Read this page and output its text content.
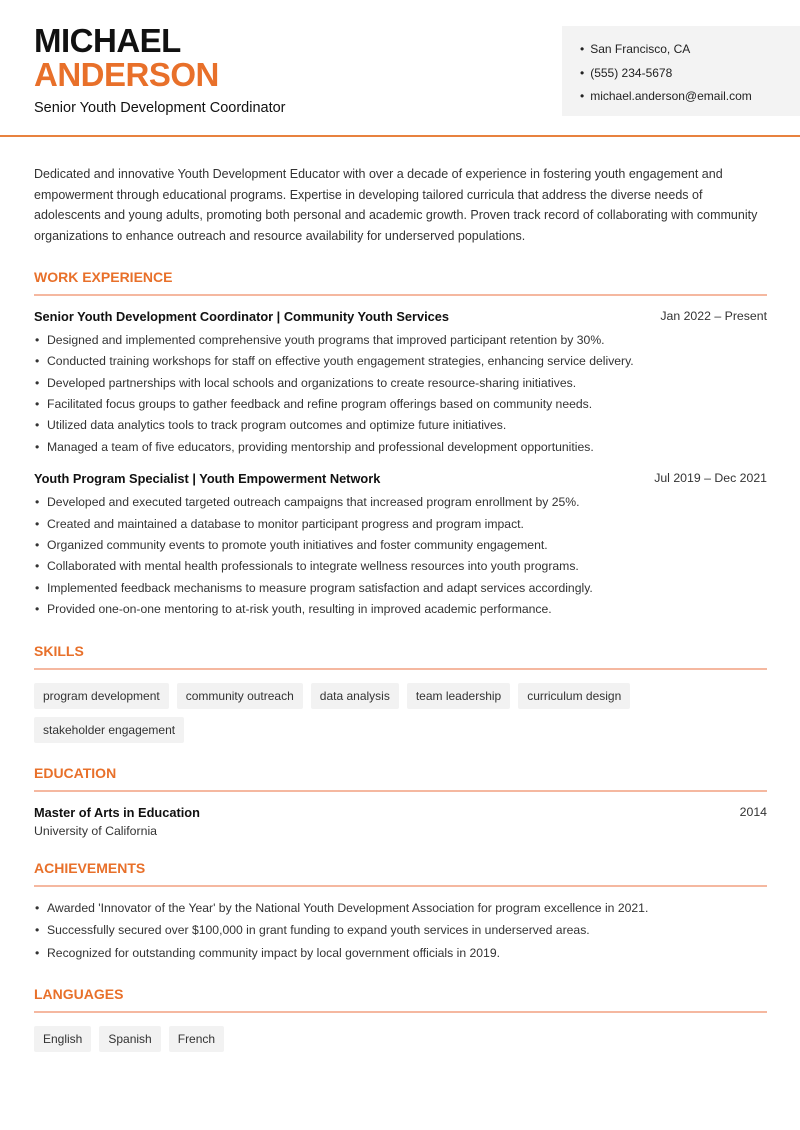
MICHAEL
ANDERSON
Senior Youth Development Coordinator
• San Francisco, CA
• (555) 234-5678
• michael.anderson@email.com

Dedicated and innovative Youth Development Educator with over a decade of experience in fostering youth engagement and empowerment through educational programs. Expertise in developing tailored curricula that address the diverse needs of adolescents and young adults, promoting both personal and academic growth. Proven track record of collaborating with community organizations to enhance outreach and resource availability for underserved populations.

WORK EXPERIENCE
Senior Youth Development Coordinator | Community Youth Services	Jan 2022 – Present
• Designed and implemented comprehensive youth programs that improved participant retention by 30%.
• Conducted training workshops for staff on effective youth engagement strategies, enhancing service delivery.
• Developed partnerships with local schools and organizations to create resource-sharing initiatives.
• Facilitated focus groups to gather feedback and refine program offerings based on community needs.
• Utilized data analytics tools to track program outcomes and optimize future initiatives.
• Managed a team of five educators, providing mentorship and professional development opportunities.
Youth Program Specialist | Youth Empowerment Network	Jul 2019 – Dec 2021
• Developed and executed targeted outreach campaigns that increased program enrollment by 25%.
• Created and maintained a database to monitor participant progress and program impact.
• Organized community events to promote youth initiatives and foster community engagement.
• Collaborated with mental health professionals to integrate wellness resources into youth programs.
• Implemented feedback mechanisms to measure program satisfaction and adapt services accordingly.
• Provided one-on-one mentoring to at-risk youth, resulting in improved academic performance.
SKILLS
program development	community outreach	data analysis	team leadership	curriculum design
stakeholder engagement
EDUCATION
Master of Arts in Education	2014
University of California
ACHIEVEMENTS
• Awarded 'Innovator of the Year' by the National Youth Development Association for program excellence in 2021.
• Successfully secured over $100,000 in grant funding to expand youth services in underserved areas.
• Recognized for outstanding community impact by local government officials in 2019.
LANGUAGES
English	Spanish	French
